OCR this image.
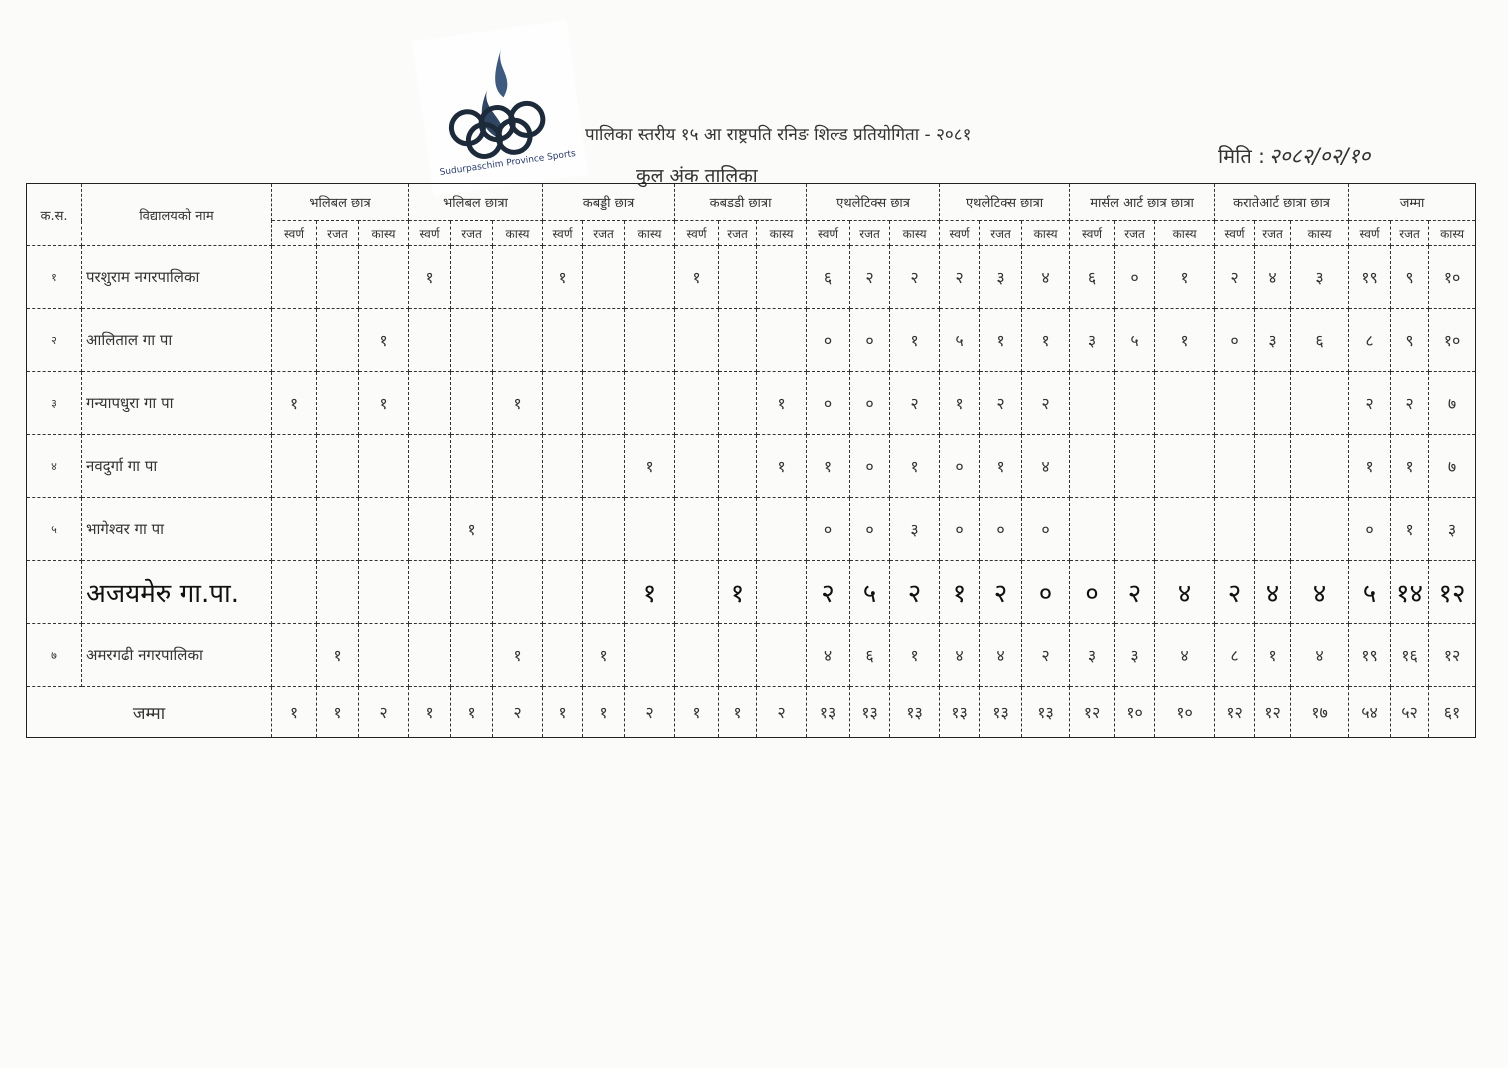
Sudurpaschim Province Sports
पालिका स्तरीय १५ आ राष्ट्रपति रनिङ शिल्ड प्रतियोगिता - २०८१
कुल अंक तालिका
मिति : २०८२/०२/१०
क.स.	विद्यालयको नाम	भलिबल छात्र			भलिबल छात्रा			कबड्डी छात्र			कबडडी छात्रा			एथलेटिक्स छात्र			एथलेटिक्स छात्रा			मार्सल आर्ट छात्र छात्रा			करातेआर्ट छात्रा छात्र			जम्मा		
		स्वर्ण	रजत	कास्य	स्वर्ण	रजत	कास्य	स्वर्ण	रजत	कास्य	स्वर्ण	रजत	कास्य	स्वर्ण	रजत	कास्य	स्वर्ण	रजत	कास्य	स्वर्ण	रजत	कास्य	स्वर्ण	रजत	कास्य	स्वर्ण	रजत	कास्य
१	परशुराम नगरपालिका				१			१			१			६	२	२	२	३	४	६	०	१	२	४	३	१९	९	१०
२	आलिताल गा पा			१										०	०	१	५	१	१	३	५	१	०	३	६	८	९	१०
३	गन्यापधुरा गा पा	१		१			१						१	०	०	२	१	२	२							२	२	७
४	नवदुर्गा गा पा									१			१	१	०	१	०	१	४							१	१	७
५	भागेश्वर गा पा					१								०	०	३	०	०	०							०	१	३
	अजयमेरु गा.पा.									१		१		२	५	२	१	२	०	०	२	४	२	४	४	५	१४	१२
७	अमरगढी नगरपालिका		१				१		१					४	६	१	४	४	२	३	३	४	८	१	४	१९	१६	१२
जम्मा		१	१	२	१	१	२	१	१	२	१	१	२	१३	१३	१३	१३	१३	१३	१२	१०	१०	१२	१२	१७	५४	५२	६१
